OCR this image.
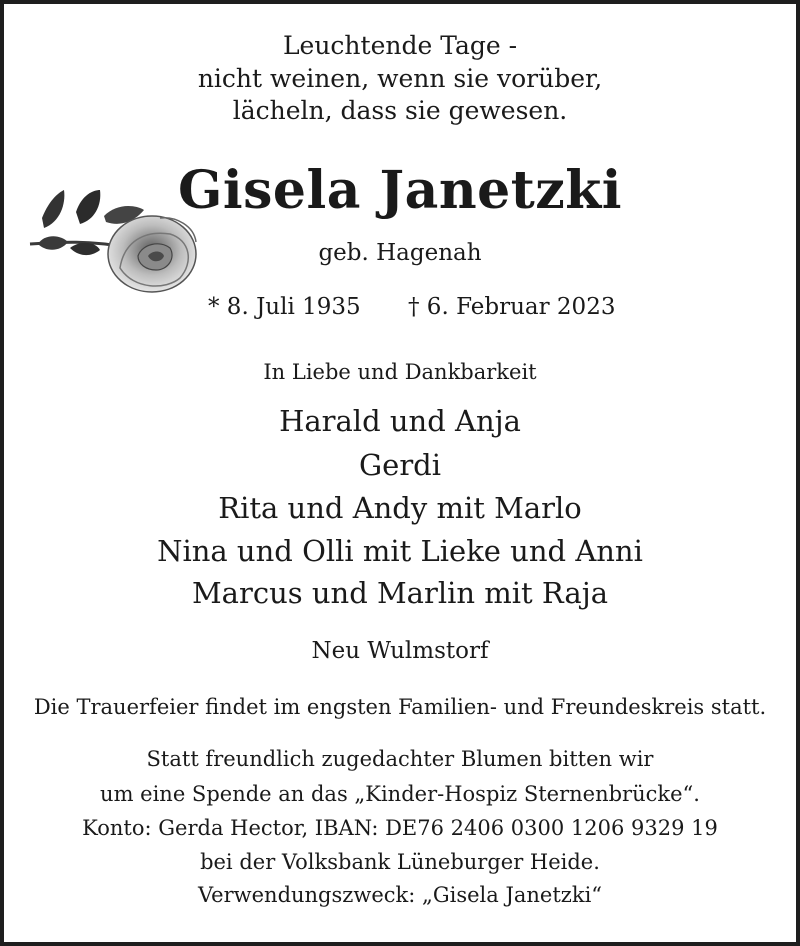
Leuchtende Tage -
nicht weinen, wenn sie vorüber,
lächeln, dass sie gewesen.
Gisela Janetzki
geb. Hagenah
* 8. Juli 1935 † 6. Februar 2023
In Liebe und Dankbarkeit
Harald und Anja
Gerdi
Rita und Andy mit Marlo
Nina und Olli mit Lieke und Anni
Marcus und Marlin mit Raja
Neu Wulmstorf
Die Trauerfeier findet im engsten Familien- und Freundeskreis statt.
Statt freundlich zugedachter Blumen bitten wir
um eine Spende an das „Kinder-Hospiz Sternenbrücke“.
Konto: Gerda Hector, IBAN: DE76 2406 0300 1206 9329 19
bei der Volksbank Lüneburger Heide.
Verwendungszweck: „Gisela Janetzki“
